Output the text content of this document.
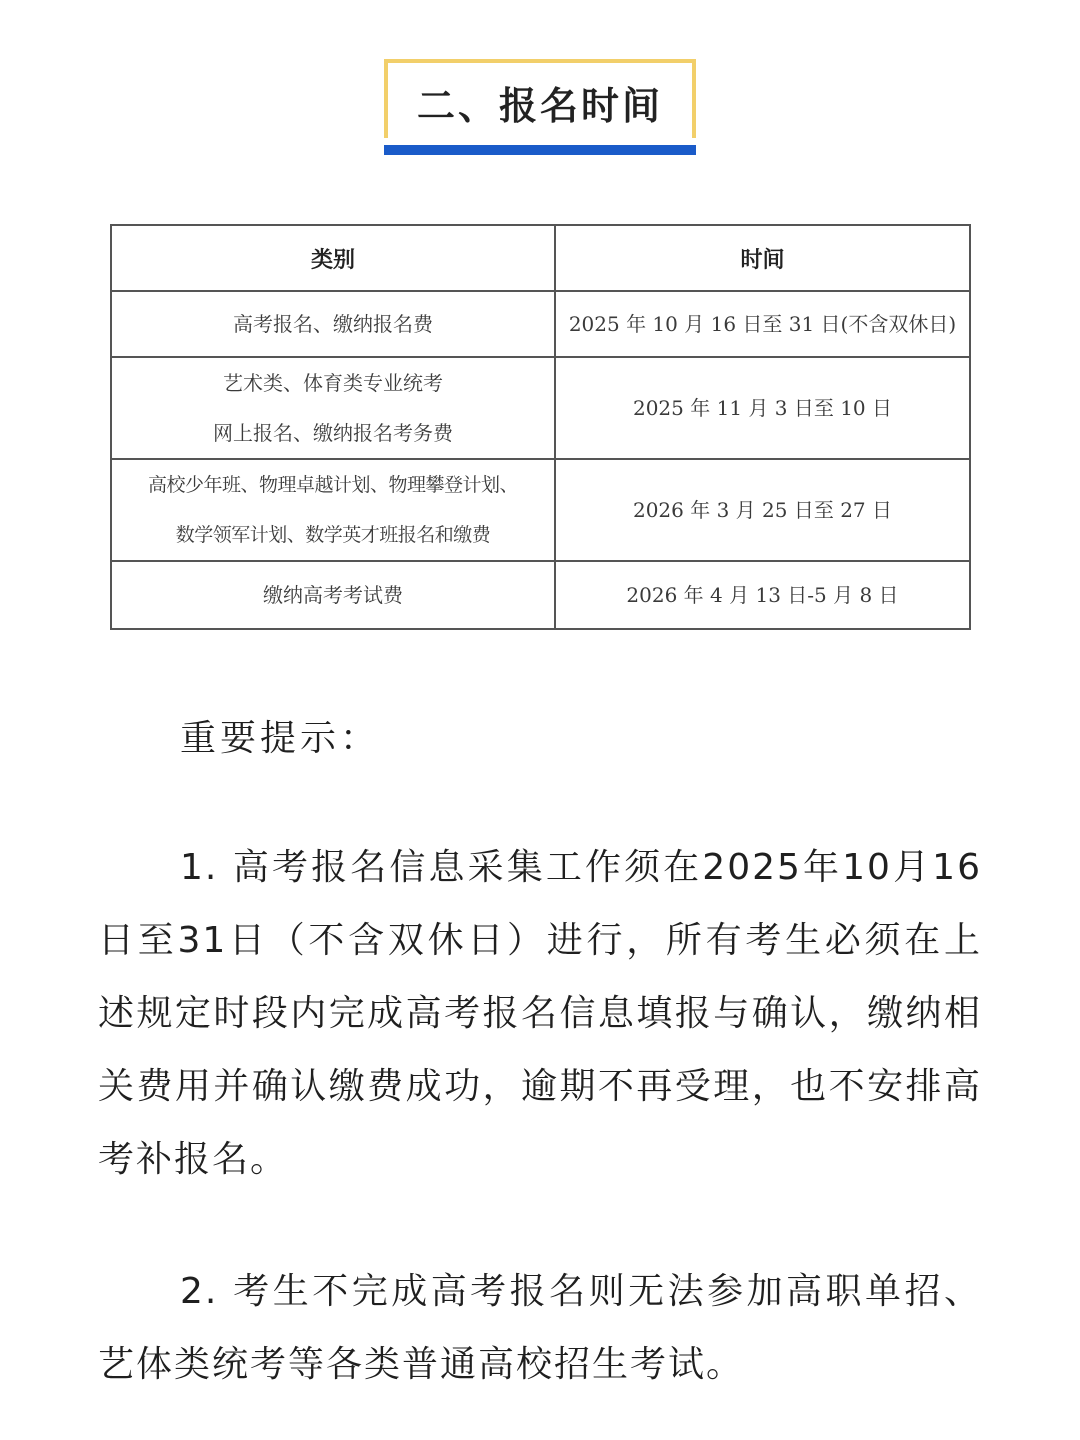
二、报名时间
类别	时间

高考报名、缴纳报名费	2025 年 10 月 16 日至 31 日(不含双休日)

艺术类、体育类专业统考
网上报名、缴纳报名考务费	2025 年 11 月 3 日至 10 日

高校少年班、物理卓越计划、物理攀登计划、
数学领军计划、数学英才班报名和缴费	2026 年 3 月 25 日至 27 日

缴纳高考考试费	2026 年 4 月 13 日-5 月 8 日
重要提示：

1. 高考报名信息采集工作须在2025年10月16日至31日（不含双休日）进行，所有考生必须在上述规定时段内完成高考报名信息填报与确认，缴纳相关费用并确认缴费成功，逾期不再受理，也不安排高考补报名。

2. 考生不完成高考报名则无法参加高职单招、艺体类统考等各类普通高校招生考试。
